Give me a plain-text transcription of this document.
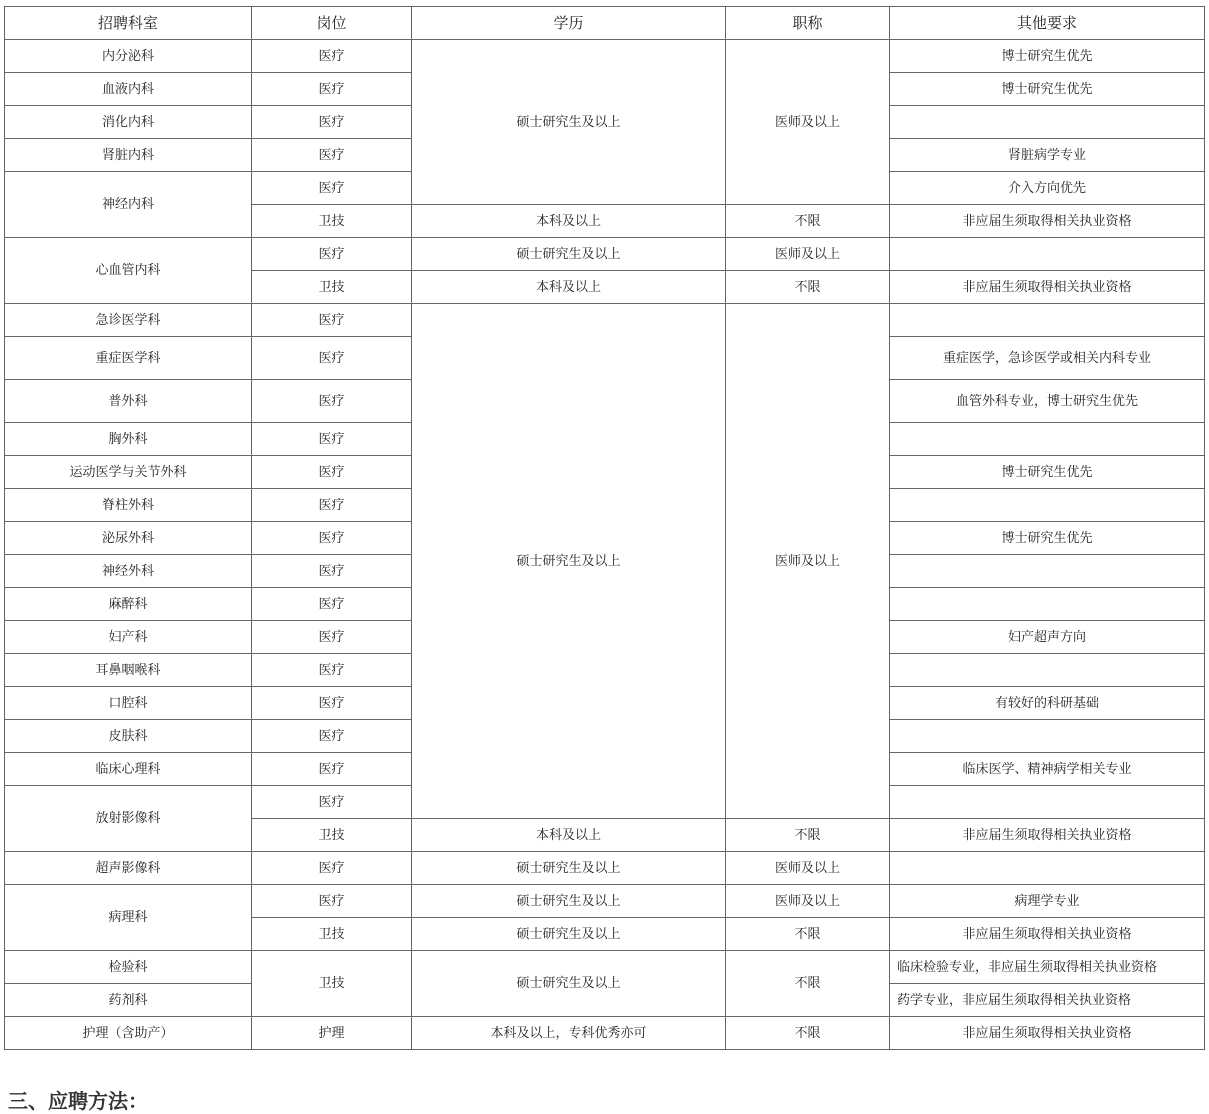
招聘科室	岗位	学历	职称	其他要求
内分泌科	医疗	硕士研究生及以上	医师及以上	博士研究生优先
血液内科	医疗			博士研究生优先
消化内科	医疗			
肾脏内科	医疗			肾脏病学专业
神经内科	医疗			介入方向优先
	卫技	本科及以上	不限	非应届生须取得相关执业资格
心血管内科	医疗	硕士研究生及以上	医师及以上	
	卫技	本科及以上	不限	非应届生须取得相关执业资格
急诊医学科	医疗	硕士研究生及以上	医师及以上	
重症医学科	医疗			重症医学，急诊医学或相关内科专业
普外科	医疗			血管外科专业，博士研究生优先
胸外科	医疗			
运动医学与关节外科	医疗			博士研究生优先
脊柱外科	医疗			
泌尿外科	医疗			博士研究生优先
神经外科	医疗			
麻醉科	医疗			
妇产科	医疗			妇产超声方向
耳鼻咽喉科	医疗			
口腔科	医疗			有较好的科研基础
皮肤科	医疗			
临床心理科	医疗			临床医学、精神病学相关专业
放射影像科	医疗			
	卫技	本科及以上	不限	非应届生须取得相关执业资格
超声影像科	医疗	硕士研究生及以上	医师及以上	
病理科	医疗	硕士研究生及以上	医师及以上	病理学专业
	卫技	硕士研究生及以上	不限	非应届生须取得相关执业资格
检验科	卫技	硕士研究生及以上	不限	临床检验专业，非应届生须取得相关执业资格
药剂科				药学专业，非应届生须取得相关执业资格
护理（含助产）	护理	本科及以上，专科优秀亦可	不限	非应届生须取得相关执业资格
三、应聘方法：
